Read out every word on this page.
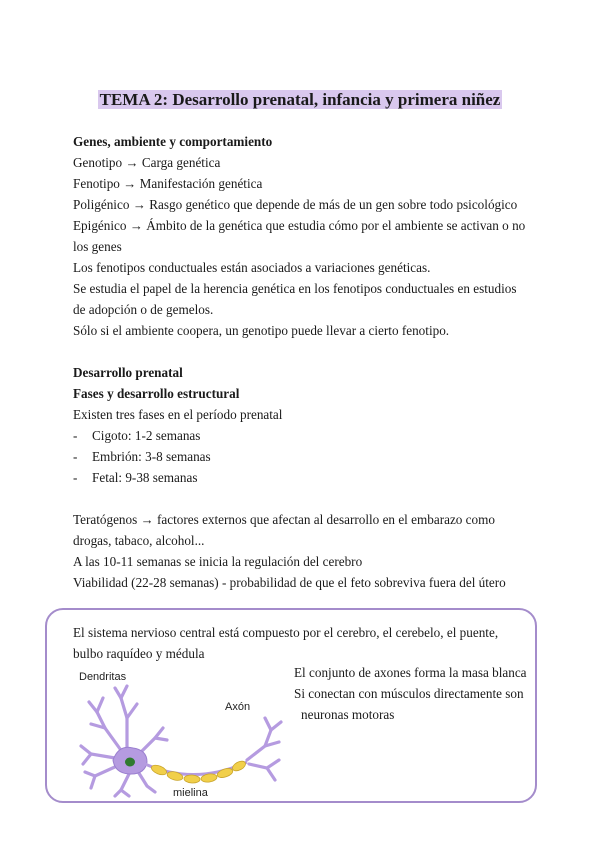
TEMA 2: Desarrollo prenatal, infancia y primera niñez

Genes, ambiente y comportamiento

Genotipo → Carga genética

Fenotipo → Manifestación genética

Poligénico → Rasgo genético que depende de más de un gen sobre todo psicológico

Epigénico → Ámbito de la genética que estudia cómo por el ambiente se activan o no

los genes

Los fenotipos conductuales están asociados a variaciones genéticas.

Se estudia el papel de la herencia genética en los fenotipos conductuales en estudios

de adopción o de gemelos.

Sólo si el ambiente coopera, un genotipo puede llevar a cierto fenotipo.

Desarrollo prenatal

Fases y desarrollo estructural

Existen tres fases en el período prenatal

- Cigoto: 1-2 semanas
- Embrión: 3-8 semanas
- Fetal: 9-38 semanas

Teratógenos → factores externos que afectan al desarrollo en el embarazo como

drogas, tabaco, alcohol...

A las 10-11 semanas se inicia la regulación del cerebro

Viabilidad (22-28 semanas) - probabilidad de que el feto sobreviva fuera del útero

El sistema nervioso central está compuesto por el cerebro, el cerebelo, el puente, bulbo raquídeo y médula
Dendritas
Axón
mielina

El conjunto de axones forma la masa blanca

Si conectan con músculos directamente son

neuronas motoras
